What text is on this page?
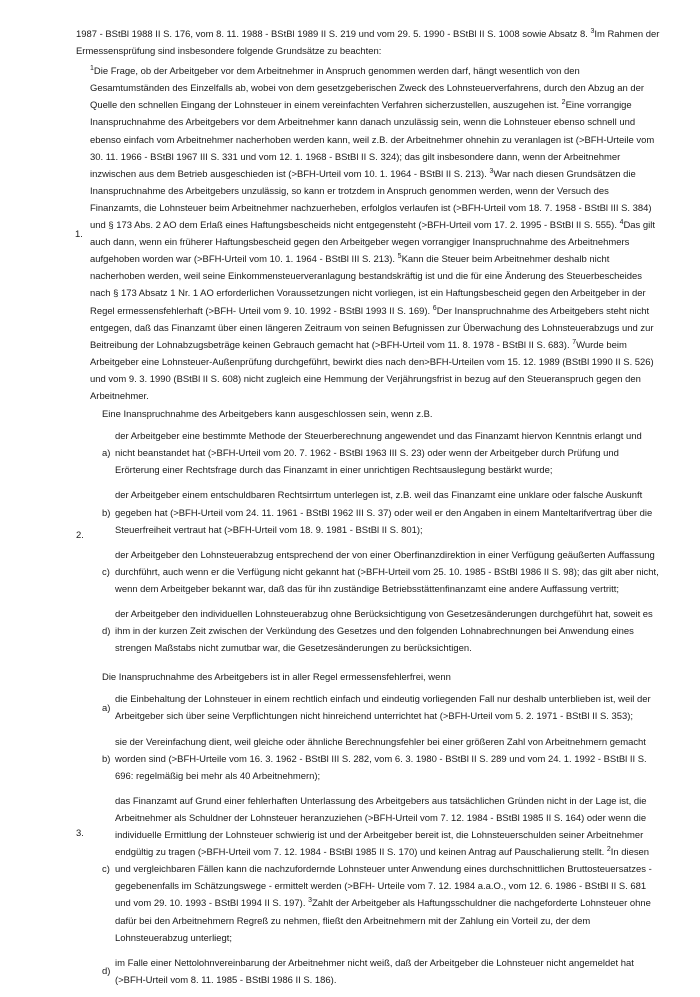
1987 - BStBl 1988 II S. 176, vom 8. 11. 1988 - BStBl 1989 II S. 219 und vom 29. 5. 1990 - BStBl II S. 1008 sowie Absatz 8. $^3$Im Rahmen der Ermessensprüfung sind insbesondere folgende Grundsätze zu beachten:

1.

$^1$Die Frage, ob der Arbeitgeber vor dem Arbeitnehmer in Anspruch genommen werden darf, hängt wesentlich von den Gesamtumständen des Einzelfalls ab, wobei von dem gesetzgeberischen Zweck des Lohnsteuerverfahrens, durch den Abzug an der Quelle den schnellen Eingang der Lohnsteuer in einem vereinfachten Verfahren sicherzustellen, auszugehen ist. $^2$Eine vorrangige Inanspruchnahme des Arbeitgebers vor dem Arbeitnehmer kann danach unzulässig sein, wenn die Lohnsteuer ebenso schnell und ebenso einfach vom Arbeitnehmer nacherhoben werden kann, weil z.B. der Arbeitnehmer ohnehin zu veranlagen ist (>BFH-Urteile vom 30. 11. 1966 - BStBl 1967 III S. 331 und vom 12. 1. 1968 - BStBl II S. 324); das gilt insbesondere dann, wenn der Arbeitnehmer inzwischen aus dem Betrieb ausgeschieden ist (>BFH-Urteil vom 10. 1. 1964 - BStBl II S. 213). $^3$War nach diesen Grundsätzen die Inanspruchnahme des Arbeitgebers unzulässig, so kann er trotzdem in Anspruch genommen werden, wenn der Versuch des Finanzamts, die Lohnsteuer beim Arbeitnehmer nachzuerheben, erfolglos verlaufen ist (>BFH-Urteil vom 18. 7. 1958 - BStBl III S. 384) und § 173 Abs. 2 AO dem Erlaß eines Haftungsbescheids nicht entgegensteht (>BFH-Urteil vom 17. 2. 1995 - BStBl II S. 555). $^4$Das gilt auch dann, wenn ein früherer Haftungsbescheid gegen den Arbeitgeber wegen vorrangiger Inanspruchnahme des Arbeitnehmers aufgehoben worden war (>BFH-Urteil vom 10. 1. 1964 - BStBl III S. 213). $^5$Kann die Steuer beim Arbeitnehmer deshalb nicht nacherhoben werden, weil seine Einkommensteuerveranlagung bestandskräftig ist und die für eine Änderung des Steuerbescheides nach § 173 Absatz 1 Nr. 1 AO erforderlichen Voraussetzungen nicht vorliegen, ist ein Haftungsbescheid gegen den Arbeitgeber in der Regel ermessensfehlerhaft (>BFH- Urteil vom 9. 10. 1992 - BStBl 1993 II S. 169). $^6$Der Inanspruchnahme des Arbeitgebers steht nicht entgegen, daß das Finanzamt über einen längeren Zeitraum von seinen Befugnissen zur Überwachung des Lohnsteuerabzugs und zur Beitreibung der Lohnabzugsbeträge keinen Gebrauch gemacht hat (>BFH-Urteil vom 11. 8. 1978 - BStBl II S. 683). $^7$Wurde beim Arbeitgeber eine Lohnsteuer-Außenprüfung durchgeführt, bewirkt dies nach den>BFH-Urteilen vom 15. 12. 1989 (BStBl 1990 II S. 526) und vom 9. 3. 1990 (BStBl II S. 608) nicht zugleich eine Hemmung der Verjährungsfrist in bezug auf den Steueranspruch gegen den Arbeitnehmer.

2.

Eine Inanspruchnahme des Arbeitgebers kann ausgeschlossen sein, wenn z.B.

a)

der Arbeitgeber eine bestimmte Methode der Steuerberechnung angewendet und das Finanzamt hiervon Kenntnis erlangt und nicht beanstandet hat (>BFH-Urteil vom 20. 7. 1962 - BStBl 1963 III S. 23) oder wenn der Arbeitgeber durch Prüfung und Erörterung einer Rechtsfrage durch das Finanzamt in einer unrichtigen Rechtsauslegung bestärkt wurde;

b)

der Arbeitgeber einem entschuldbaren Rechtsirrtum unterlegen ist, z.B. weil das Finanzamt eine unklare oder falsche Auskunft gegeben hat (>BFH-Urteil vom 24. 11. 1961 - BStBl 1962 III S. 37) oder weil er den Angaben in einem Manteltarifvertrag über die Steuerfreiheit vertraut hat (>BFH-Urteil vom 18. 9. 1981 - BStBl II S. 801);

c)

der Arbeitgeber den Lohnsteuerabzug entsprechend der von einer Oberfinanzdirektion in einer Verfügung geäußerten Auffassung durchführt, auch wenn er die Verfügung nicht gekannt hat (>BFH-Urteil vom 25. 10. 1985 - BStBl 1986 II S. 98); das gilt aber nicht, wenn dem Arbeitgeber bekannt war, daß das für ihn zuständige Betriebsstättenfinanzamt eine andere Auffassung vertritt;

d)

der Arbeitgeber den individuellen Lohnsteuerabzug ohne Berücksichtigung von Gesetzesänderungen durchgeführt hat, soweit es ihm in der kurzen Zeit zwischen der Verkündung des Gesetzes und den folgenden Lohnabrechnungen bei Anwendung eines strengen Maßstabs nicht zumutbar war, die Gesetzesänderungen zu berücksichtigen.

3.

Die Inanspruchnahme des Arbeitgebers ist in aller Regel ermessensfehlerfrei, wenn

a)

die Einbehaltung der Lohnsteuer in einem rechtlich einfach und eindeutig vorliegenden Fall nur deshalb unterblieben ist, weil der Arbeitgeber sich über seine Verpflichtungen nicht hinreichend unterrichtet hat (>BFH-Urteil vom 5. 2. 1971 - BStBl II S. 353);

b)

sie der Vereinfachung dient, weil gleiche oder ähnliche Berechnungsfehler bei einer größeren Zahl von Arbeitnehmern gemacht worden sind (>BFH-Urteile vom 16. 3. 1962 - BStBl III S. 282, vom 6. 3. 1980 - BStBl II S. 289 und vom 24. 1. 1992 - BStBl II S. 696: regelmäßig bei mehr als 40 Arbeitnehmern);

c)

das Finanzamt auf Grund einer fehlerhaften Unterlassung des Arbeitgebers aus tatsächlichen Gründen nicht in der Lage ist, die Arbeitnehmer als Schuldner der Lohnsteuer heranzuziehen (>BFH-Urteil vom 7. 12. 1984 - BStBl 1985 II S. 164) oder wenn die individuelle Ermittlung der Lohnsteuer schwierig ist und der Arbeitgeber bereit ist, die Lohnsteuerschulden seiner Arbeitnehmer endgültig zu tragen (>BFH-Urteil vom 7. 12. 1984 - BStBl 1985 II S. 170) und keinen Antrag auf Pauschalierung stellt. $^2$In diesen und vergleichbaren Fällen kann die nachzufordernde Lohnsteuer unter Anwendung eines durchschnittlichen Bruttosteuersatzes - gegebenenfalls im Schätzungswege - ermittelt werden (>BFH- Urteile vom 7. 12. 1984 a.a.O., vom 12. 6. 1986 - BStBl II S. 681 und vom 29. 10. 1993 - BStBl 1994 II S. 197). $^3$Zahlt der Arbeitgeber als Haftungsschuldner die nachgeforderte Lohnsteuer ohne dafür bei den Arbeitnehmern Regreß zu nehmen, fließt den Arbeitnehmern mit der Zahlung ein Vorteil zu, der dem Lohnsteuerabzug unterliegt;

d)

im Falle einer Nettolohnvereinbarung der Arbeitnehmer nicht weiß, daß der Arbeitgeber die Lohnsteuer nicht angemeldet hat (>BFH-Urteil vom 8. 11. 1985 - BStBl 1986 II S. 186).
